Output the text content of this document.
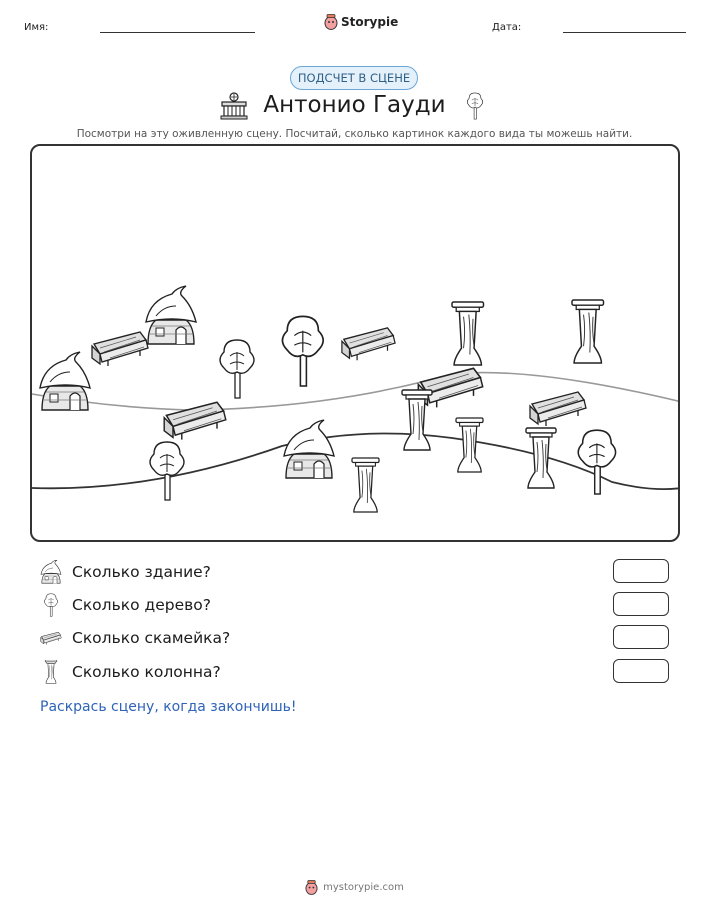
Имя:	Storypie	Дата:
ПОДСЧЕТ В СЦЕНЕ
Антонио Гауди
Посмотри на эту оживленную сцену. Посчитай, сколько картинок каждого вида ты можешь найти.
Сколько здание?
Сколько дерево?
Сколько скамейка?
Сколько колонна?
Раскрась сцену, когда закончишь!
mystorypie.com
